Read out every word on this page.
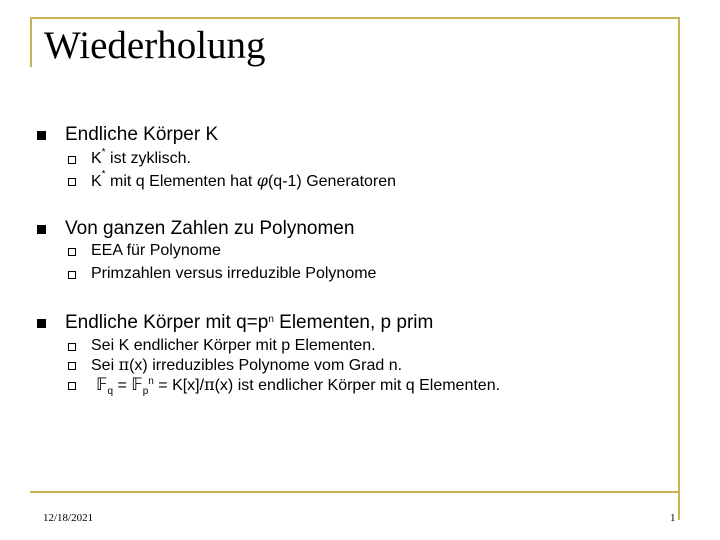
Wiederholung
Endliche Körper K
K* ist zyklisch.
K* mit q Elementen hat φ(q-1) Generatoren
Von ganzen Zahlen zu Polynomen
EEA für Polynome
Primzahlen versus irreduzible Polynome
Endliche Körper mit $q=p^n$ Elementen, p prim
Sei K endlicher Körper mit p Elementen.
Sei π(x) irreduzibles Polynome vom Grad n.
𝔽$_q$ = 𝔽$_p^n$ = K[x]/π(x) ist endlicher Körper mit q Elementen.
12/18/2021	1
